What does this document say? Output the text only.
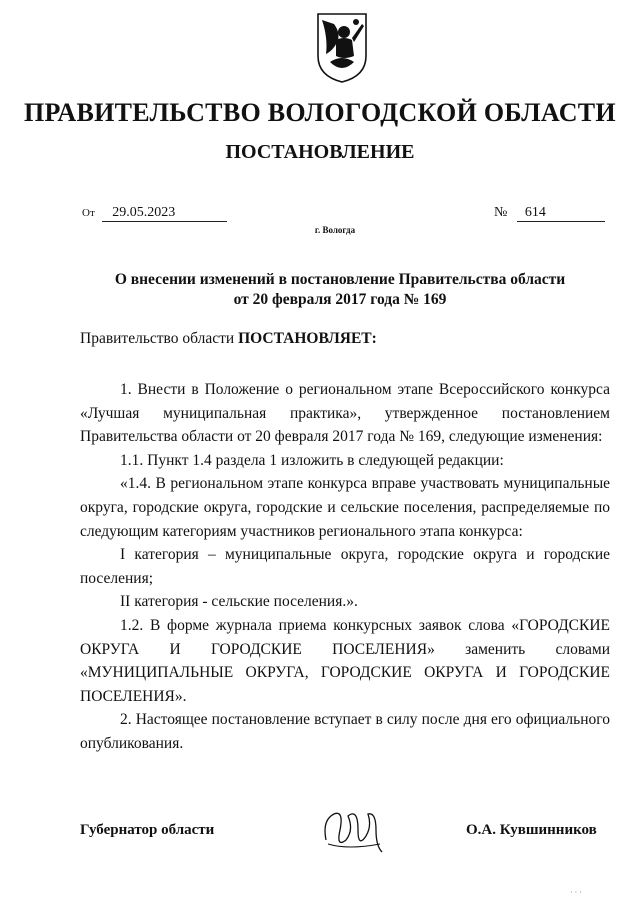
ПРАВИТЕЛЬСТВО ВОЛОГОДСКОЙ ОБЛАСТИ
ПОСТАНОВЛЕНИЕ
От 29.05.2023	№ 614
г. Вологда
О внесении изменений в постановление Правительства области
от 20 февраля 2017 года № 169
Правительство области ПОСТАНОВЛЯЕТ:

1. Внести в Положение о региональном этапе Всероссийского конкурса «Лучшая муниципальная практика», утвержденное постановлением Правительства области от 20 февраля 2017 года № 169, следующие изменения:

1.1. Пункт 1.4 раздела 1 изложить в следующей редакции:

«1.4. В региональном этапе конкурса вправе участвовать муниципальные округа, городские округа, городские и сельские поселения, распределяемые по следующим категориям участников регионального этапа конкурса:

I категория – муниципальные округа, городские округа и городские поселения;

II категория - сельские поселения.».

1.2. В форме журнала приема конкурсных заявок слова «ГОРОДСКИЕ ОКРУГА И ГОРОДСКИЕ ПОСЕЛЕНИЯ» заменить словами «МУНИЦИПАЛЬНЫЕ ОКРУГА, ГОРОДСКИЕ ОКРУГА И ГОРОДСКИЕ ПОСЕЛЕНИЯ».

2. Настоящее постановление вступает в силу после дня его официального опубликования.

Губернатор области	О.А. Кувшинников
· · ·
